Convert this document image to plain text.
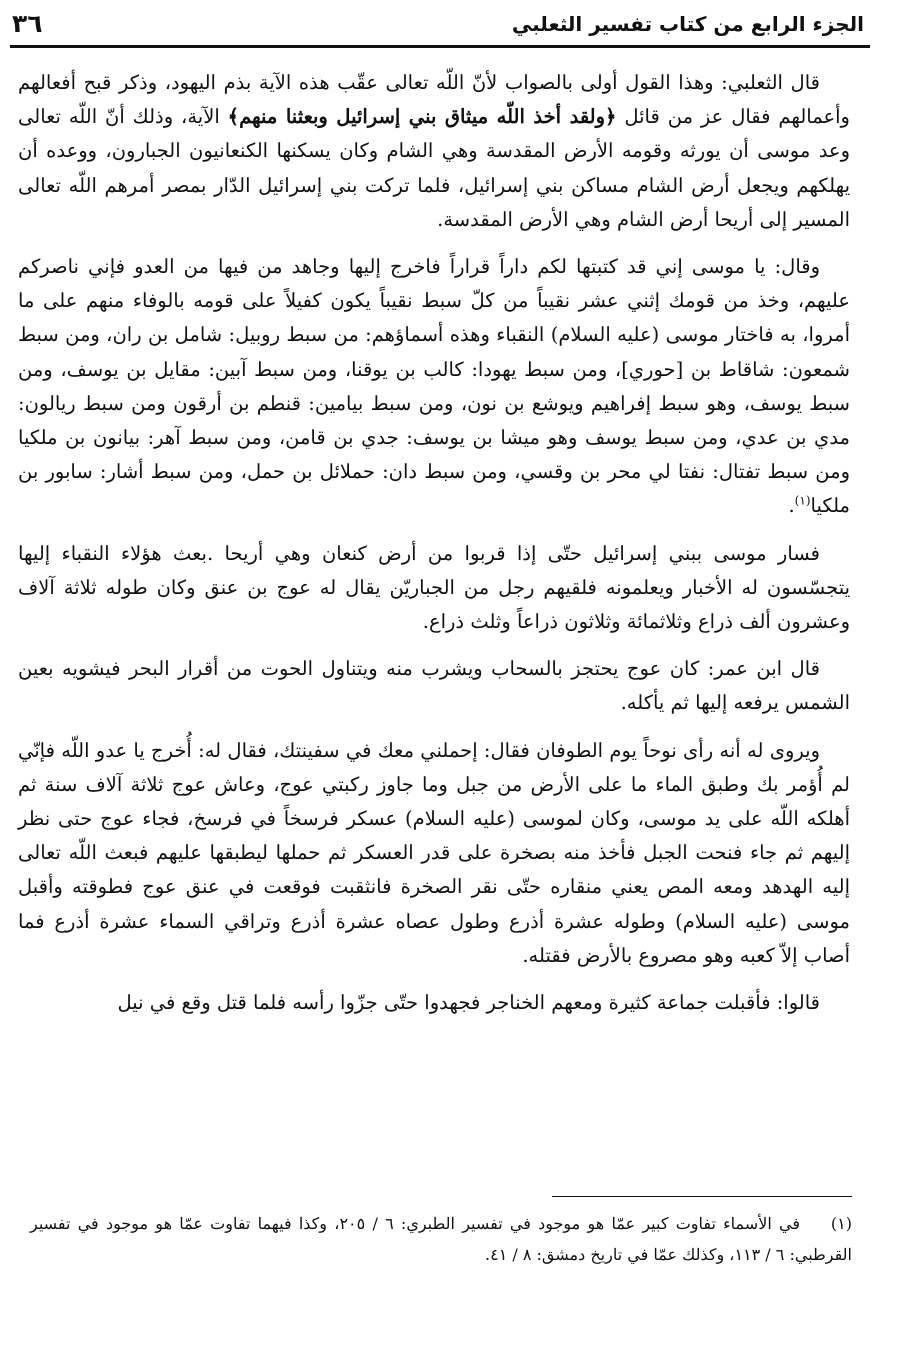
الجزء الرابع من كتاب تفسير الثعلبي
٣٦

قال الثعلبي: وهذا القول أولى بالصواب لأنّ اللّه تعالى عقّب هذه الآية بذم اليهود، وذكر قبح أفعالهم وأعمالهم فقال عز من قائل ﴿ولقد أخذ اللّه ميثاق بني إسرائيل وبعثنا منهم﴾ الآية، وذلك أنّ اللّه تعالى وعد موسى أن يورثه وقومه الأرض المقدسة وهي الشام وكان يسكنها الكنعانيون الجبارون، ووعده أن يهلكهم ويجعل أرض الشام مساكن بني إسرائيل، فلما تركت بني إسرائيل الدّار بمصر أمرهم اللّه تعالى المسير إلى أريحا أرض الشام وهي الأرض المقدسة.

وقال: يا موسى إني قد كتبتها لكم داراً قراراً فاخرج إليها وجاهد من فيها من العدو فإني ناصركم عليهم، وخذ من قومك إثني عشر نقيباً من كلّ سبط نقيباً يكون كفيلاً على قومه بالوفاء منهم على ما أمروا، به فاختار موسى (عليه السلام) النقباء وهذه أسماؤهم: من سبط روبيل: شامل بن ران، ومن سبط شمعون: شاقاط بن [حوري]، ومن سبط يهودا: كالب بن يوقنا، ومن سبط آبين: مقايل بن يوسف، ومن سبط يوسف، وهو سبط إفراهيم ويوشع بن نون، ومن سبط بيامين: قنطم بن أرقون ومن سبط ريالون: مدي بن عدي، ومن سبط يوسف وهو ميشا بن يوسف: جدي بن قامن، ومن سبط آهر: بيانون بن ملكيا ومن سبط تفتال: نفتا لي محر بن وقسي، ومن سبط دان: حملائل بن حمل، ومن سبط أشار: سابور بن ملكيا$^{(١)}$.

فسار موسى ببني إسرائيل حتّى إذا قربوا من أرض كنعان وهي أريحا .بعث هؤلاء النقباء إليها يتجسّسون له الأخبار ويعلمونه فلقيهم رجل من الجباريّن يقال له عوج بن عنق وكان طوله ثلاثة آلاف وعشرون ألف ذراع وثلاثمائة وثلاثون ذراعاً وثلث ذراع.

قال ابن عمر: كان عوج يحتجز بالسحاب ويشرب منه ويتناول الحوت من أقرار البحر فيشويه بعين الشمس يرفعه إليها ثم يأكله.

ويروى له أنه رأى نوحاً يوم الطوفان فقال: إحملني معك في سفينتك، فقال له: أُخرج يا عدو اللّه فإنّي لم أُؤمر بك وطبق الماء ما على الأرض من جبل وما جاوز ركبتي عوج، وعاش عوج ثلاثة آلاف سنة ثم أهلكه اللّه على يد موسى، وكان لموسى (عليه السلام) عسكر فرسخاً في فرسخ، فجاء عوج حتى نظر إليهم ثم جاء فنحت الجبل فأخذ منه بصخرة على قدر العسكر ثم حملها ليطبقها عليهم فبعث اللّه تعالى إليه الهدهد ومعه المص يعني منقاره حتّى نقر الصخرة فانثقبت فوقعت في عنق عوج فطوقته وأقبل موسى (عليه السلام) وطوله عشرة أذرع وطول عصاه عشرة أذرع وتراقي السماء عشرة أذرع فما أصاب إلاّ كعبه وهو مصروع بالأرض فقتله.

قالوا: فأقبلت جماعة كثيرة ومعهم الخناجر فجهدوا حتّى جزّوا رأسه فلما قتل وقع في نيل

(١)في الأسماء تفاوت كبير عمّا هو موجود في تفسير الطبري: ٦ / ٢٠٥، وكذا فيهما تفاوت عمّا هو موجود في تفسير القرطبي: ٦ / ١١٣، وكذلك عمّا في تاريخ دمشق: ٨ / ٤١.
